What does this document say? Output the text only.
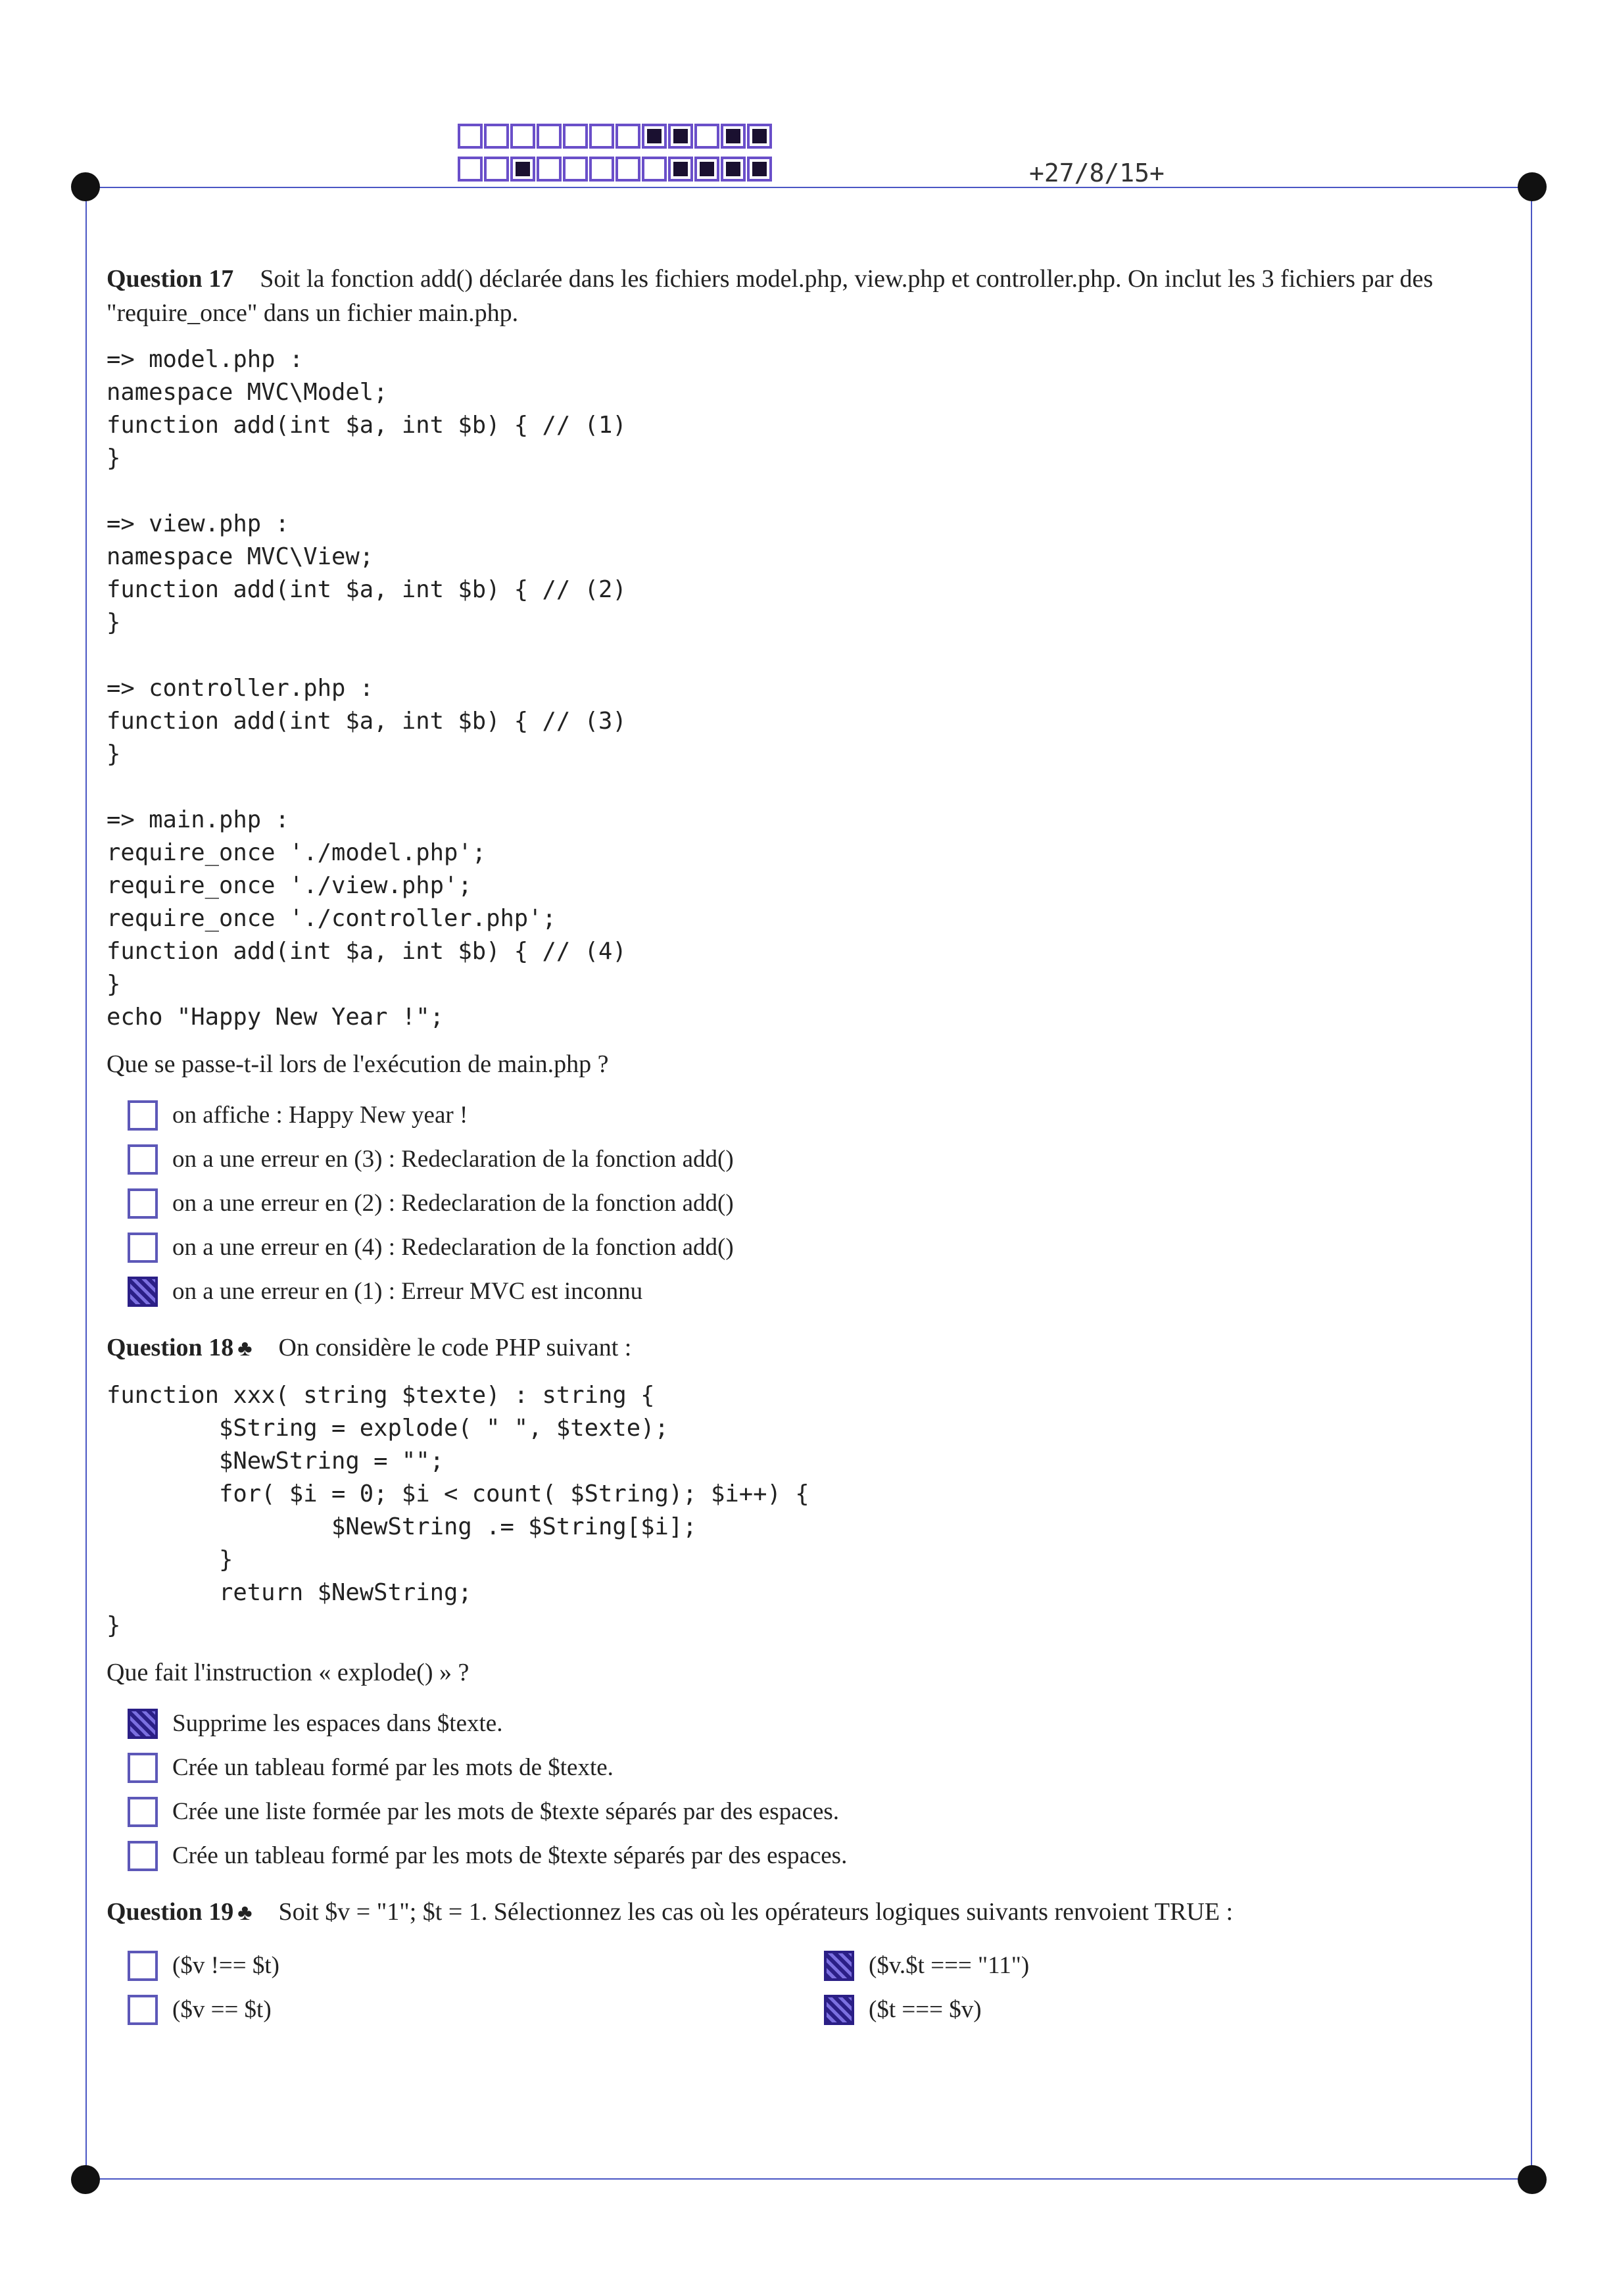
+27/8/15+
Question 17 Soit la fonction add() déclarée dans les fichiers model.php, view.php et controller.php. On inclut les 3 fichiers par des "require_once" dans un fichier main.php.
=> model.php :
namespace MVC\Model;
function add(int $a, int $b) { // (1)
}

=> view.php :
namespace MVC\View;
function add(int $a, int $b) { // (2)
}

=> controller.php :
function add(int $a, int $b) { // (3)
}

=> main.php :
require_once './model.php';
require_once './view.php';
require_once './controller.php';
function add(int $a, int $b) { // (4)
}
echo "Happy New Year !";
Que se passe-t-il lors de l'exécution de main.php ?
on affiche : Happy New year !
on a une erreur en (3) : Redeclaration de la fonction add()
on a une erreur en (2) : Redeclaration de la fonction add()
on a une erreur en (4) : Redeclaration de la fonction add()
on a une erreur en (1) : Erreur MVC est inconnu
Question 18 ♣ On considère le code PHP suivant :
function xxx( string $texte) : string {
$String = explode( " ", $texte);
$NewString = "";
for( $i = 0; $i < count( $String); $i++) {
$NewString .= $String[$i];
}
return $NewString;
}
Que fait l'instruction « explode() » ?
Supprime les espaces dans $texte.
Crée un tableau formé par les mots de $texte.
Crée une liste formée par les mots de $texte séparés par des espaces.
Crée un tableau formé par les mots de $texte séparés par des espaces.
Question 19 ♣ Soit $v = "1"; $t = 1. Sélectionnez les cas où les opérateurs logiques suivants renvoient TRUE :
($v !== $t)
($v == $t)
($v.$t === "11")
($t === $v)
